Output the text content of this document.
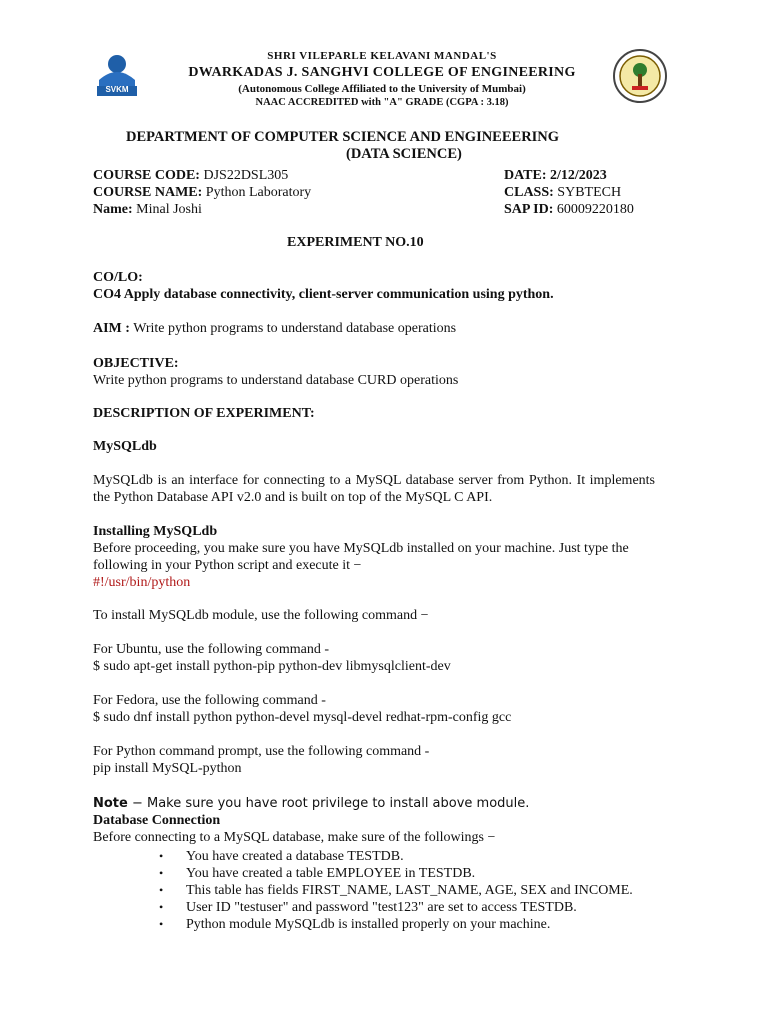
SVKM
SHRI VILEPARLE KELAVANI MANDAL'S
DWARKADAS J. SANGHVI COLLEGE OF ENGINEERING
(Autonomous College Affiliated to the University of Mumbai)
NAAC ACCREDITED with "A" GRADE (CGPA : 3.18)
DEPARTMENT OF COMPUTER SCIENCE AND ENGINEEERING
(DATA SCIENCE)
COURSE CODE: DJS22DSL305
COURSE NAME: Python Laboratory
Name: Minal Joshi
DATE: 2/12/2023
CLASS: SYBTECH
SAP ID: 60009220180
EXPERIMENT NO.10
CO/LO:
CO4 Apply database connectivity, client-server communication using python.
AIM : Write python programs to understand database operations
OBJECTIVE:
Write python programs to understand database CURD operations
DESCRIPTION OF EXPERIMENT:
MySQLdb
MySQLdb is an interface for connecting to a MySQL database server from Python. It implements the Python Database API v2.0 and is built on top of the MySQL C API.
Installing MySQLdb
Before proceeding, you make sure you have MySQLdb installed on your machine. Just type the
following in your Python script and execute it −
#!/usr/bin/python
To install MySQLdb module, use the following command −
For Ubuntu, use the following command -
$ sudo apt-get install python-pip python-dev libmysqlclient-dev
For Fedora, use the following command -
$ sudo dnf install python python-devel mysql-devel redhat-rpm-config gcc
For Python command prompt, use the following command -
pip install MySQL-python
Note − Make sure you have root privilege to install above module.
Database Connection
Before connecting to a MySQL database, make sure of the followings −
• You have created a database TESTDB.
• You have created a table EMPLOYEE in TESTDB.
• This table has fields FIRST_NAME, LAST_NAME, AGE, SEX and INCOME.
• User ID "testuser" and password "test123" are set to access TESTDB.
• Python module MySQLdb is installed properly on your machine.
